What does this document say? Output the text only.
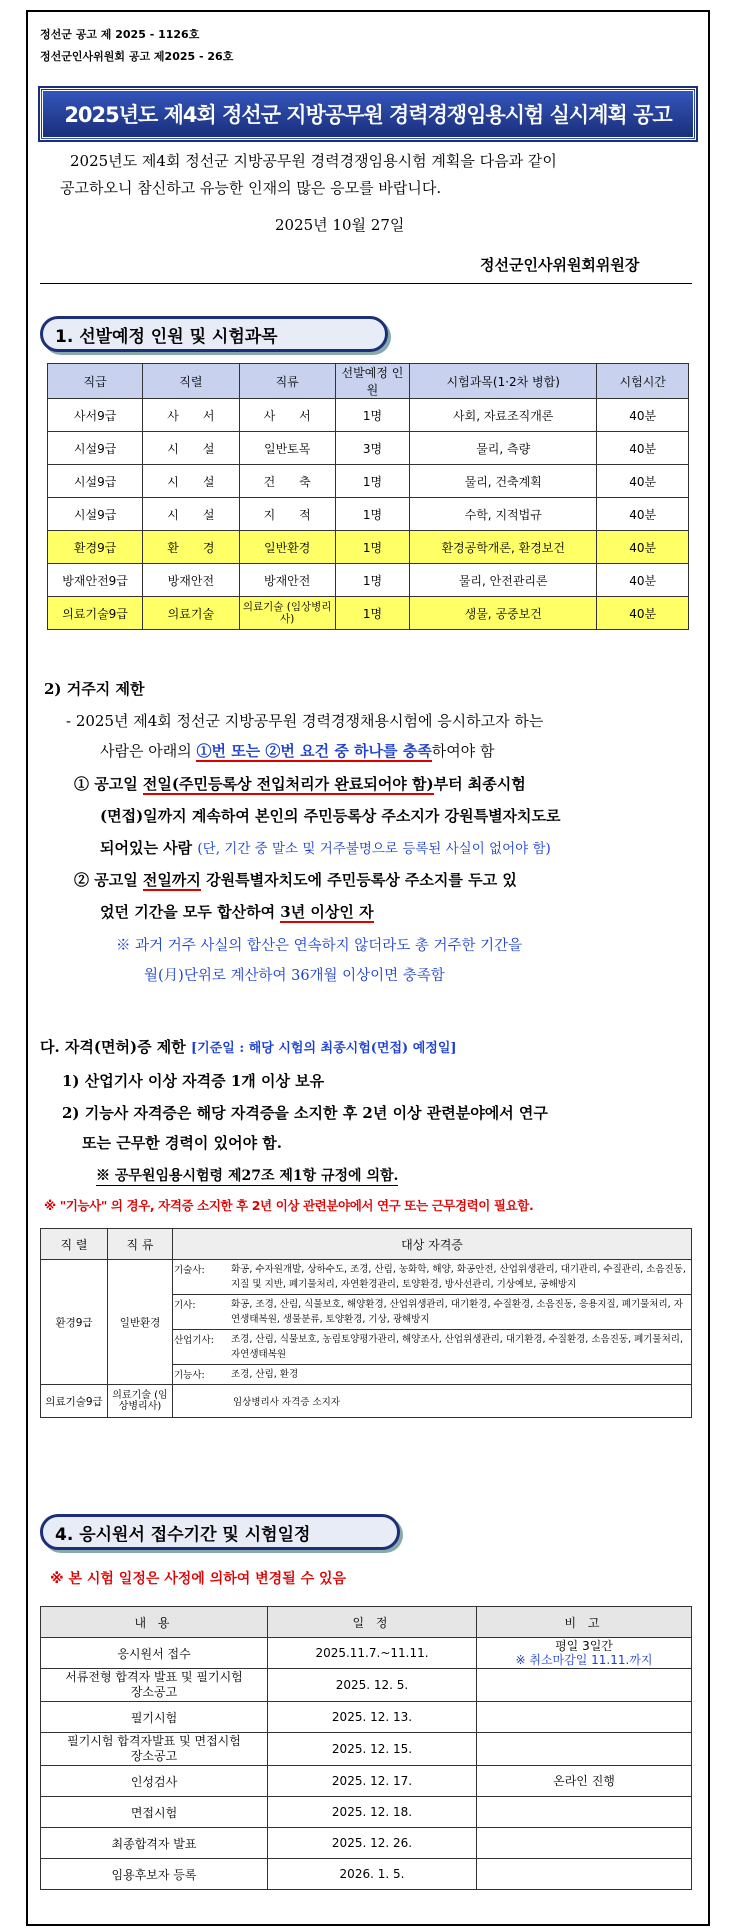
정선군 공고 제 2025 - 1126호
정선군인사위원회 공고 제2025 - 26호
2025년도 제4회 정선군 지방공무원 경력경쟁임용시험 실시계획 공고
2025년도 제4회 정선군 지방공무원 경력경쟁임용시험 계획을 다음과 같이
공고하오니 참신하고 유능한 인재의 많은 응모를 바랍니다.
2025년 10월 27일
정선군인사위원회위원장
1. 선발예정 인원 및 시험과목
직급	직렬	직류	선발예정 인 원	시험과목(1·2차 병합)	시험시간
사서9급	사　　서	사　　서	1명	사회, 자료조직개론	40분
시설9급	시　　설	일반토목	3명	물리, 측량	40분
시설9급	시　　설	건　　축	1명	물리, 건축계획	40분
시설9급	시　　설	지　　적	1명	수학, 지적법규	40분
환경9급	환　　경	일반환경	1명	환경공학개론, 환경보건	40분
방재안전9급	방재안전	방재안전	1명	물리, 안전관리론	40분
의료기술9급	의료기술	의료기술 (임상병리사)	1명	생물, 공중보건	40분
2) 거주지 제한
- 2025년 제4회 정선군 지방공무원 경력경쟁채용시험에 응시하고자 하는
사람은 아래의 ①번 또는 ②번 요건 중 하나를 충족하여야 함
① 공고일 전일(주민등록상 전입처리가 완료되어야 함)부터 최종시험
(면접)일까지 계속하여 본인의 주민등록상 주소지가 강원특별자치도로
되어있는 사람 (단, 기간 중 말소 및 거주불명으로 등록된 사실이 없어야 함)
② 공고일 전일까지 강원특별자치도에 주민등록상 주소지를 두고 있
었던 기간을 모두 합산하여 3년 이상인 자
※ 과거 거주 사실의 합산은 연속하지 않더라도 총 거주한 기간을
월(月)단위로 계산하여 36개월 이상이면 충족함
다. 자격(면허)증 제한 [기준일 : 해당 시험의 최종시험(면접) 예정일]
1) 산업기사 이상 자격증 1개 이상 보유
2) 기능사 자격증은 해당 자격증을 소지한 후 2년 이상 관련분야에서 연구
또는 근무한 경력이 있어야 함.
※ 공무원임용시험령 제27조 제1항 규정에 의함.
※ "기능사" 의 경우, 자격증 소지한 후 2년 이상 관련분야에서 연구 또는 근무경력이 필요함.
직 렬	직 류	대상 자격증	
환경9급	일반환경	기술사:	화공, 수자원개발, 상하수도, 조경, 산림, 농화학, 해양, 화공안전, 산업위생관리, 대기관리, 수질관리, 소음진동, 지질 및 지반, 폐기물처리, 자연환경관리, 토양환경, 방사선관리, 기상예보, 공해방지
		기사:	화공, 조경, 산림, 식물보호, 해양환경, 산업위생관리, 대기환경, 수질환경, 소음진동, 응용지질, 폐기물처리, 자연생태복원, 생물분류, 토양환경, 기상, 광해방지
		산업기사:	조경, 산림, 식물보호, 농림토양평가관리, 해양조사, 산업위생관리, 대기환경, 수질환경, 소음진동, 폐기물처리, 자연생태복원
		기능사:	조경, 산림, 환경
의료기술9급	의료기술 (임상병리사)	임상병리사 자격증 소지자	
4. 응시원서 접수기간 및 시험일정
※ 본 시험 일정은 사정에 의하여 변경될 수 있음
내 용	일 정	비 고
응시원서 접수	2025.11.7.~11.11.	평일 3일간
※ 취소마감일 11.11.까지

서류전형 합격자 발표 및 필기시험 장소공고	2025. 12. 5.	

필기시험	2025. 12. 13.	

필기시험 합격자발표 및 면접시험 장소공고	2025. 12. 15.	

인성검사	2025. 12. 17.	온라인 진행

면접시험	2025. 12. 18.	

최종합격자 발표	2025. 12. 26.	

임용후보자 등록	2026. 1. 5.	
